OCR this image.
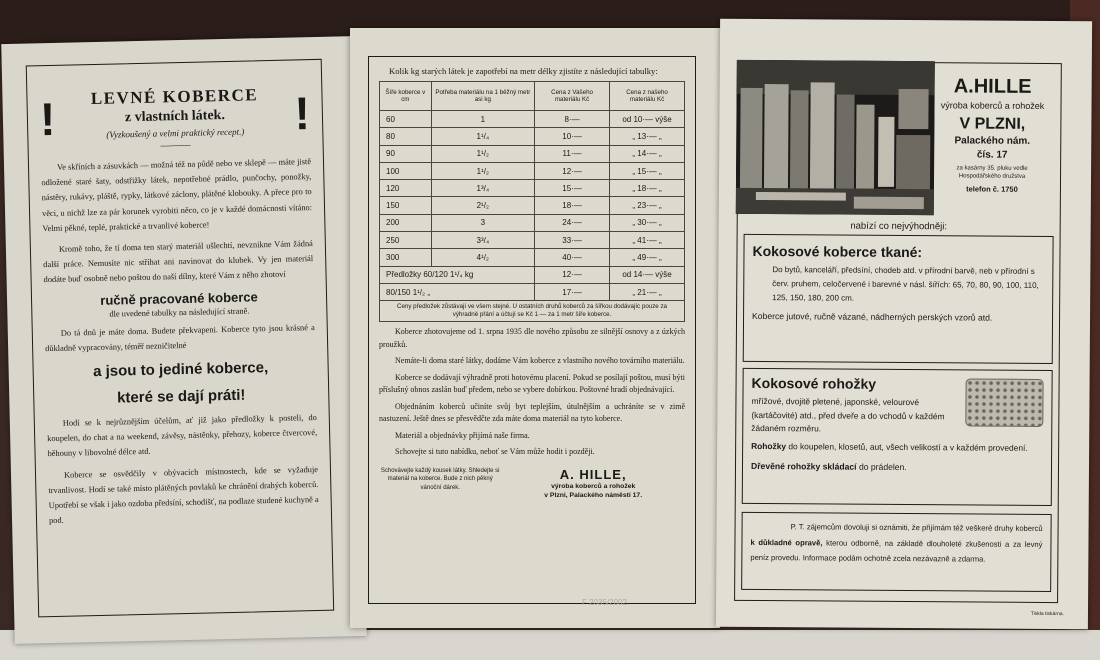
!	!
LEVNÉ KOBERCE
z vlastních látek.
(Vyzkoušený a velmi praktický recept.)
———

Ve skříních a zásuvkách — možná též na půdě nebo ve sklepě — máte jistě odložené staré šaty, odstřižky látek, nepotřebné prádlo, punčochy, ponožky, nástěry, rukávy, pláště, rypky, látkové záclony, plátěné klobouky. A přece pro to věci, u nichž lze za pár korunek vyrobiti něco, co je v každé domácnosti vítáno: Velmi pěkné, teplé, praktické a trvanlivé koberce!

Kromě toho, že tí doma ten starý materiál ušlechtí, nevznikne Vám žádná další práce. Nemusíte nic stříhat ani navinovat do klubek. Vy jen materiál dodáte buď osobně nebo poštou do naší dílny, které Vám z něho zhotoví

ručně pracované koberce
dle uvedené tabulky na následující straně.

Do tá dnů je máte doma. Budete překvapeni. Koberce tyto jsou krásné a důkladně vypracovány, téměř nezničitelné

a jsou to jediné koberce,
které se dají práti!

Hodí se k nejrůznějším účelům, ať již jako předložky k posteli, do koupelen, do chat a na weekend, závěsy, nástěnky, přehozy, koberce čtvercové, běhouny v libovolné délce atd.

Koberce se osvědčily v obývacích místnostech, kde se vyžaduje trvanlivost. Hodí se také místo plátěných povlaků ke chránění drahých koberců. Upotřebí se však i jako ozdoba předsíní, schodišť, na podlaze studené kuchyně a pod.

Kolik kg starých látek je zapotřebí na metr délky zjistíte z následující tabulky:
Šíře koberce v cm	Potřeba materiálu na 1 běžný metr asi kg	Cena z Vašeho materiálu Kč	Cena z našeho materiálu Kč
60	1	8·—	od 10·— výše
80	1¹/₄	10·—	„ 13·— „
90	1¹/₂	11·—	„ 14·— „
100	1¹/₂	12·—	„ 15·— „
120	1³/₄	15·—	„ 18·— „
150	2¹/₂	18·—	„ 23·— „
200	3	24·—	„ 30·— „
250	3³/₄	33·—	„ 41·— „
300	4¹/₂	40·—	„ 49·— „
Předložky 60/120 1¹/₄ kg		12·—	od 14·— výše
80/150 1¹/₂ „		17·—	„ 21·— „
Ceny předložek zůstávají ve všem stejné. U ostatních druhů koberců za šířkou dodávajíc pouze za výhradně přání a účtují se Kč 1·— za 1 metr šíře koberce.

Koberce zhotovujeme od 1. srpna 1935 dle nového způsobu ze silnější osnovy a z úzkých proužků.

Nemáte-li doma staré látky, dodáme Vám koberce z vlastního nového továrního materiálu.

Koberce se dodávají výhradně proti hotovému placení. Pokud se posílají poštou, musí býti příslušný obnos zaslán buď předem, nebo se vybere dobírkou. Poštovné hradí objednávající.

Objednáním koberců učiníte svůj byt teplejším, útulnějším a uchráníte se v zimě nastuzení. Ještě dnes se přesvědčte zda máte doma materiál na tyto koberce.

Materiál a objednávky přijímá naše firma.

Schovejte si tuto nabídku, neboť se Vám může hodit i později.

Schovávejte každý kousek látky. Shledejte si materiál na koberce. Bude z nich pěkný vánoční dárek.
A. HILLE,
výroba koberců a rohožek
v Plzni, Palackého náměstí 17.
A.HILLE
výroba koberců a rohožek
V PLZNI,
Palackého nám.
čís. 17
za kasárny 35. pluku vedle Hospodářského družstva
telefon č. 1750
nabízí co nejvýhodněji:
Kokosové koberce tkané:
Do bytů, kanceláří, předsíní, chodeb atd. v přírodní barvě, neb v přírodní s červ. pruhem, celočervené i barevné v násl. šířích: 65, 70, 80, 90, 100, 110, 125, 150, 180, 200 cm.
Koberce jutové, ručně vázané, nádherných perských vzorů atd.
Kokosové rohožky
mřížové, dvojitě pletené, japonské, velourové (kartáčovité) atd., před dveře a do vchodů v každém žádaném rozměru.
Rohožky do koupelen, klosetů, aut, všech velikostí a v každém provedení.
Dřevěné rohožky skládací do prádelen.

P. T. zájemcům dovoluji si oznámiti, že přijímám též veškeré druhy koberců k důkladné opravě, kterou odborně, na základě dlouholeté zkušenosti a za levný peníz provedu. Informace podám ochotně zcela nezávazně a zdarma.

Tiskla tiskárna.
F 2035/2002
